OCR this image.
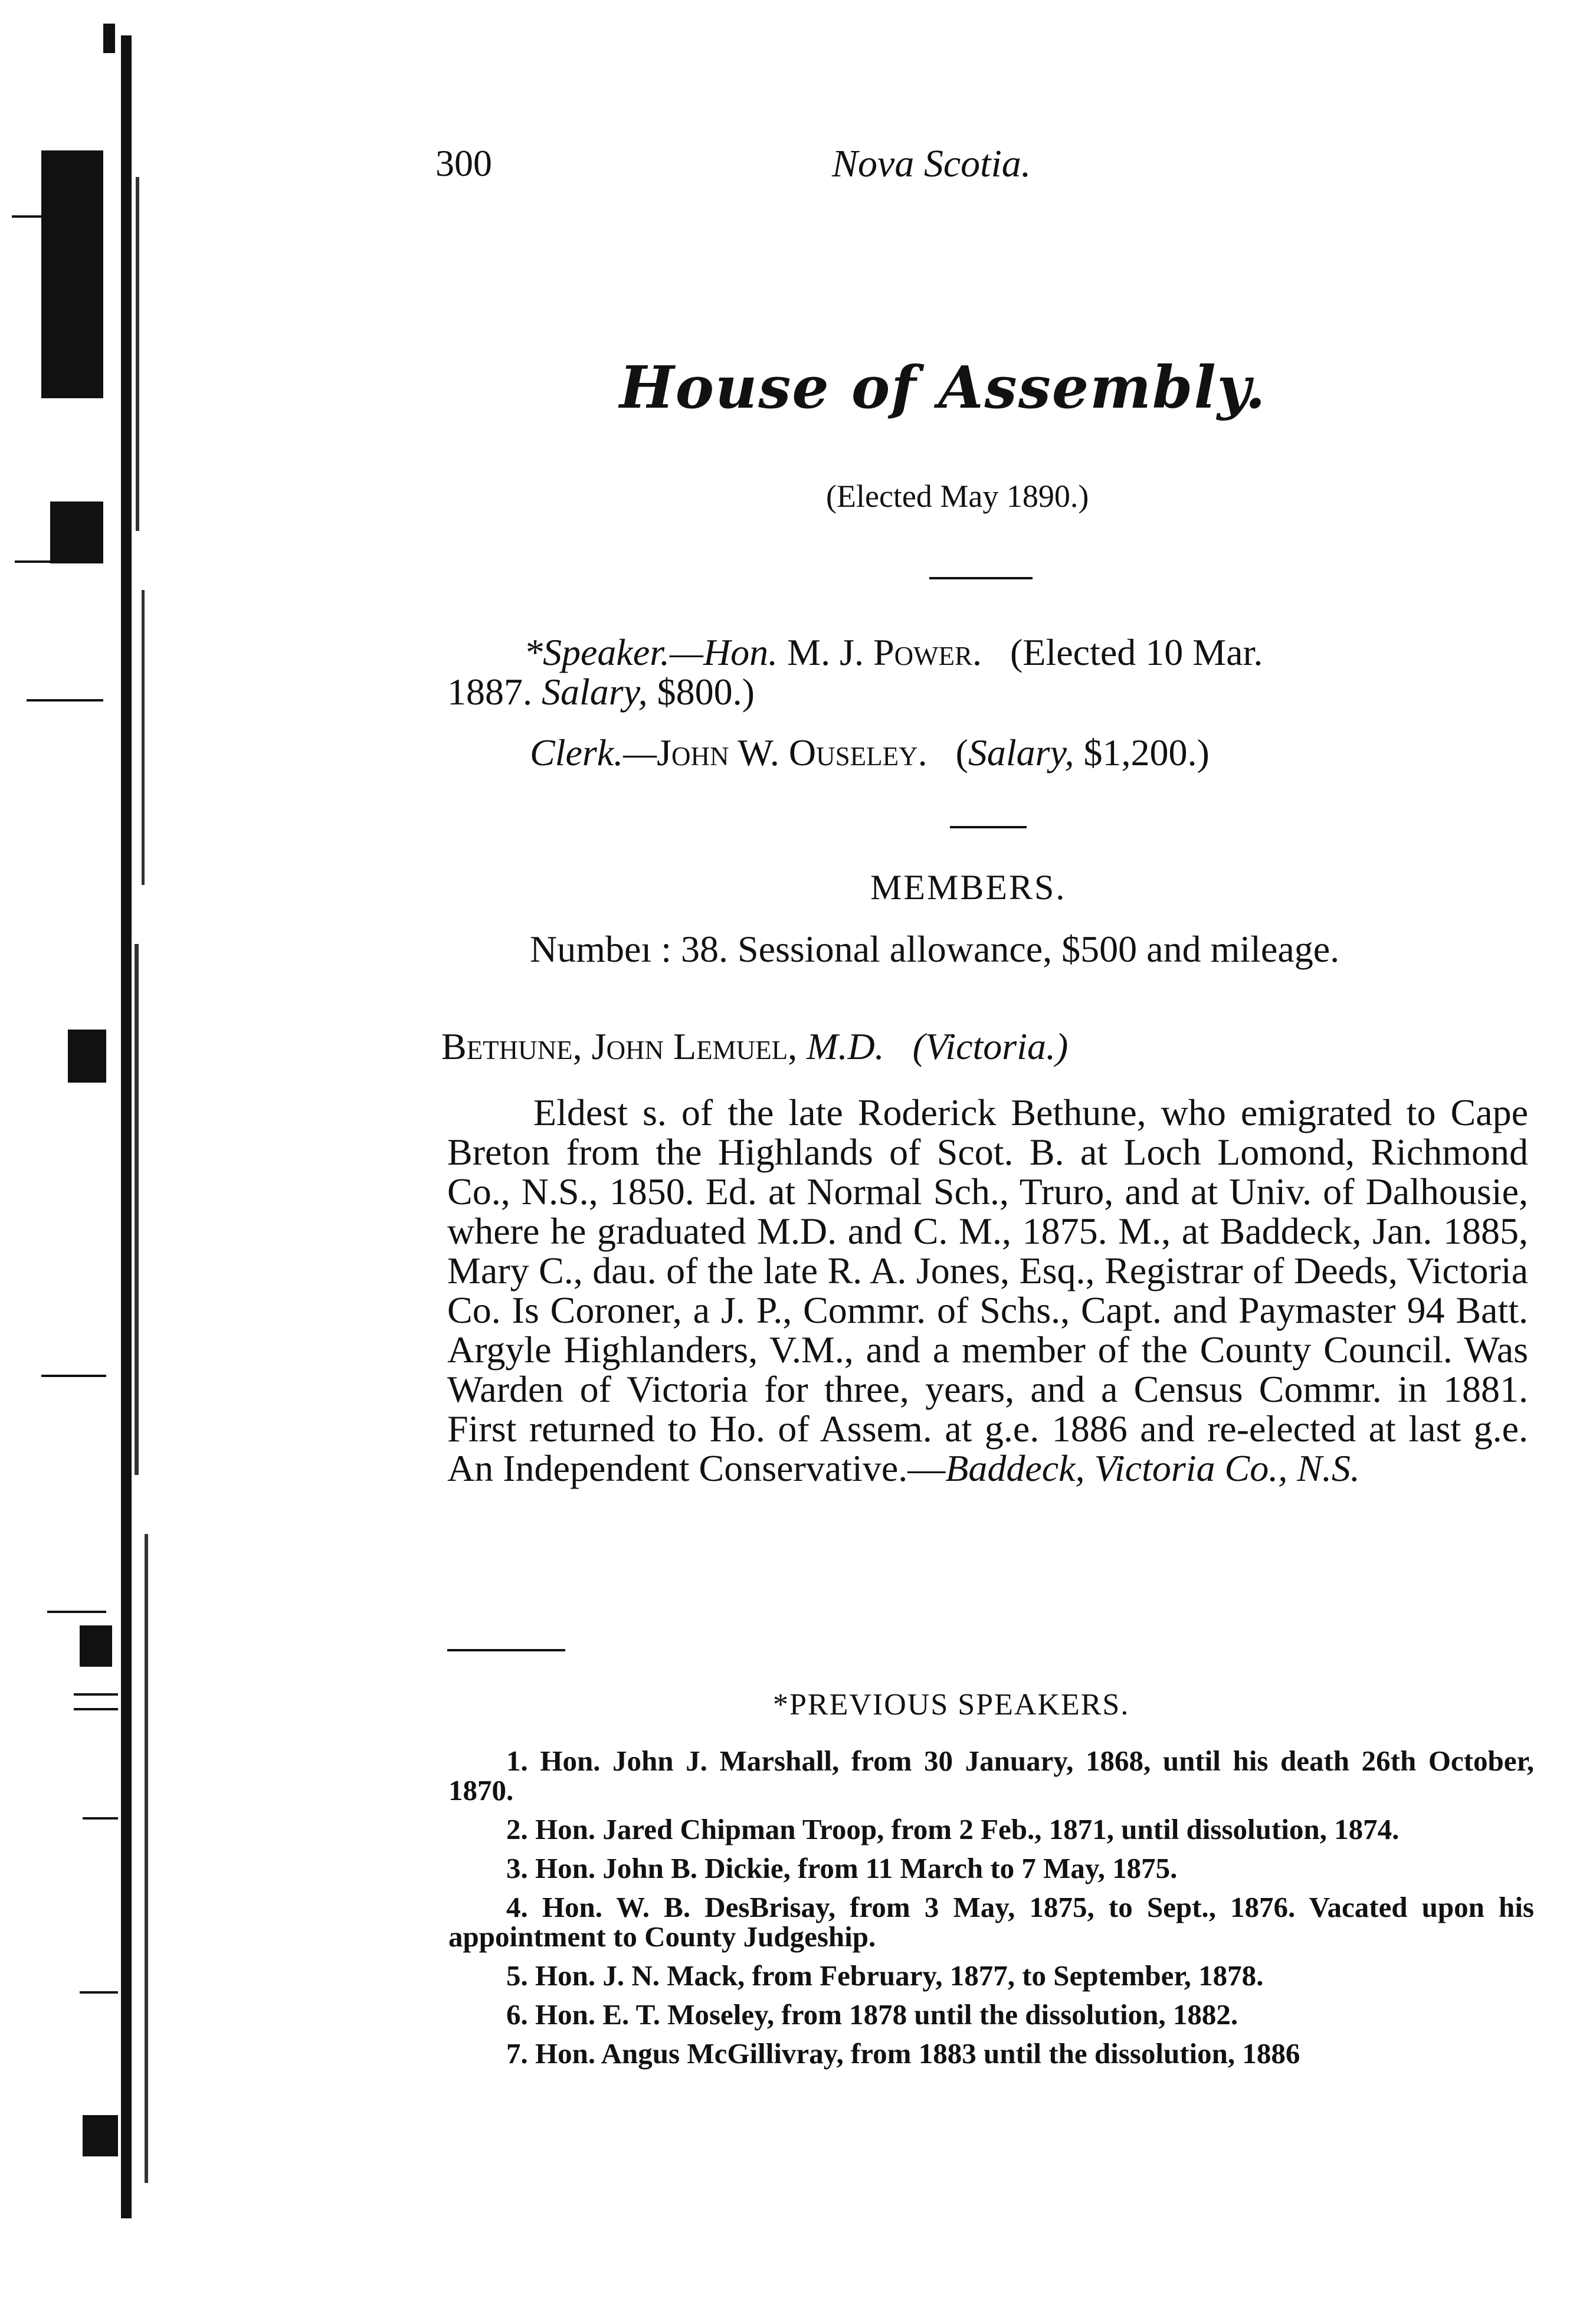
300	Nova Scotia.
House of Assembly.
(Elected May 1890.)
*Speaker.—Hon. M. J. Power. (Elected 10 Mar.
1887. Salary, $800.)
Clerk.—John W. Ouseley. (Salary, $1,200.)
MEMBERS.
Numbeı : 38. Sessional allowance, $500 and mileage.
Bethune, John Lemuel, M.D. (Victoria.)
Eldest s. of the late Roderick Bethune, who emigrated to Cape Breton from the Highlands of Scot. B. at Loch Lomond, Richmond Co., N.S., 1850. Ed. at Normal Sch., Truro, and at Univ. of Dalhousie, where he graduated M.D. and C. M., 1875. M., at Baddeck, Jan. 1885, Mary C., dau. of the late R. A. Jones, Esq., Registrar of Deeds, Victoria Co. Is Coroner, a J. P., Commr. of Schs., Capt. and Paymaster 94 Batt. Argyle Highlanders, V.M., and a member of the County Council. Was Warden of Victoria for three, years, and a Census Commr. in 1881. First returned to Ho. of Assem. at g.e. 1886 and re-elected at last g.e. An Independent Conservative.—Baddeck, Victoria Co., N.S.
*PREVIOUS SPEAKERS.
1. Hon. John J. Marshall, from 30 January, 1868, until his death 26th October, 1870.
2. Hon. Jared Chipman Troop, from 2 Feb., 1871, until dissolution, 1874.
3. Hon. John B. Dickie, from 11 March to 7 May, 1875.
4. Hon. W. B. DesBrisay, from 3 May, 1875, to Sept., 1876. Vacated upon his appointment to County Judgeship.
5. Hon. J. N. Mack, from February, 1877, to September, 1878.
6. Hon. E. T. Moseley, from 1878 until the dissolution, 1882.
7. Hon. Angus McGillivray, from 1883 until the dissolution, 1886
